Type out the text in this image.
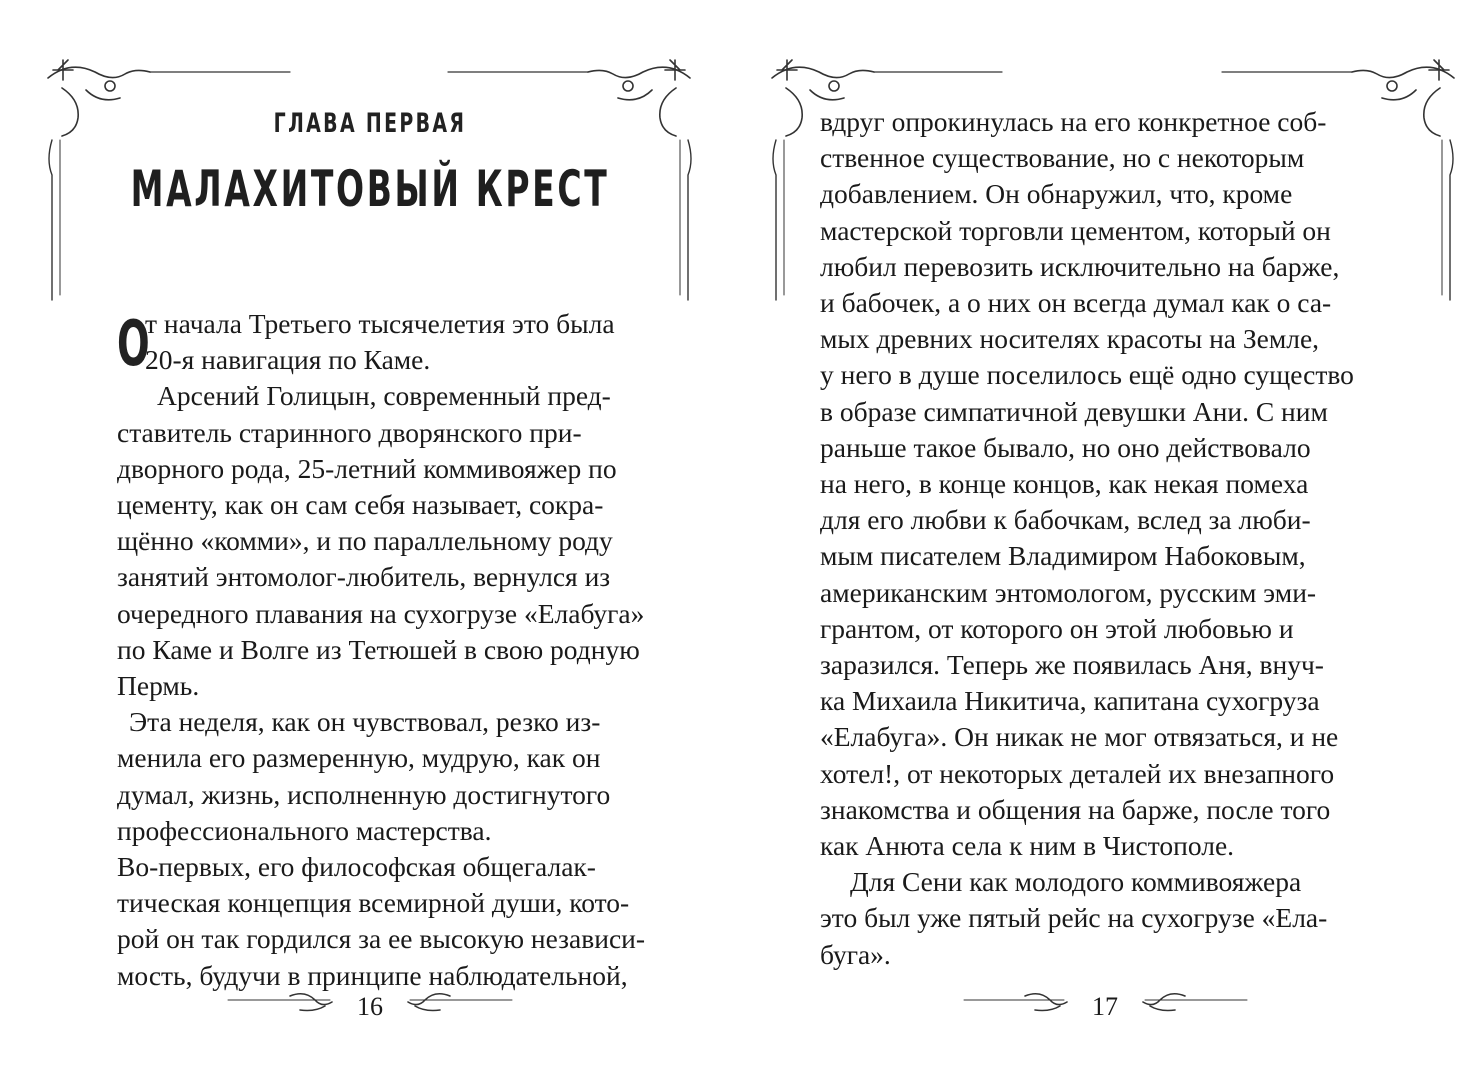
ГЛАВА ПЕРВАЯ
МАЛАХИТОВЫЙ КРЕСТ

О
т начала Третьего тысячелетия это была
20-я навигация по Каме.

Арсений Голицын, современный пред-
ставитель старинного дворянского при-
дворного рода, 25-летний коммивояжер по
цементу, как он сам себя называет, сокра-
щённо «комми», и по параллельному роду
занятий энтомолог-любитель, вернулся из
очередного плавания на сухогрузе «Елабуга»
по Каме и Волге из Тетюшей в свою родную
Пермь.

Эта неделя, как он чувствовал, резко из-
менила его размеренную, мудрую, как он
думал, жизнь, исполненную достигнутого
профессионального мастерства.

Во-первых, его философская общегалак-
тическая концепция всемирной души, кото-
рой он так гордился за ее высокую независи-
мость, будучи в принципе наблюдательной,

16

вдруг опрокинулась на его конкретное соб-
ственное существование, но с некоторым
добавлением. Он обнаружил, что, кроме
мастерской торговли цементом, который он
любил перевозить исключительно на барже,
и бабочек, а о них он всегда думал как о са-
мых древних носителях красоты на Земле,
у него в душе поселилось ещё одно существо
в образе симпатичной девушки Ани. С ним
раньше такое бывало, но оно действовало
на него, в конце концов, как некая помеха
для его любви к бабочкам, вслед за люби-
мым писателем Владимиром Набоковым,
американским энтомологом, русским эми-
грантом, от которого он этой любовью и
заразился. Теперь же появилась Аня, внуч-
ка Михаила Никитича, капитана сухогруза
«Елабуга». Он никак не мог отвязаться, и не
хотел!, от некоторых деталей их внезапного
знакомства и общения на барже, после того
как Анюта села к ним в Чистополе.

Для Сени как молодого коммивояжера
это был уже пятый рейс на сухогрузе «Ела-
буга».

17
